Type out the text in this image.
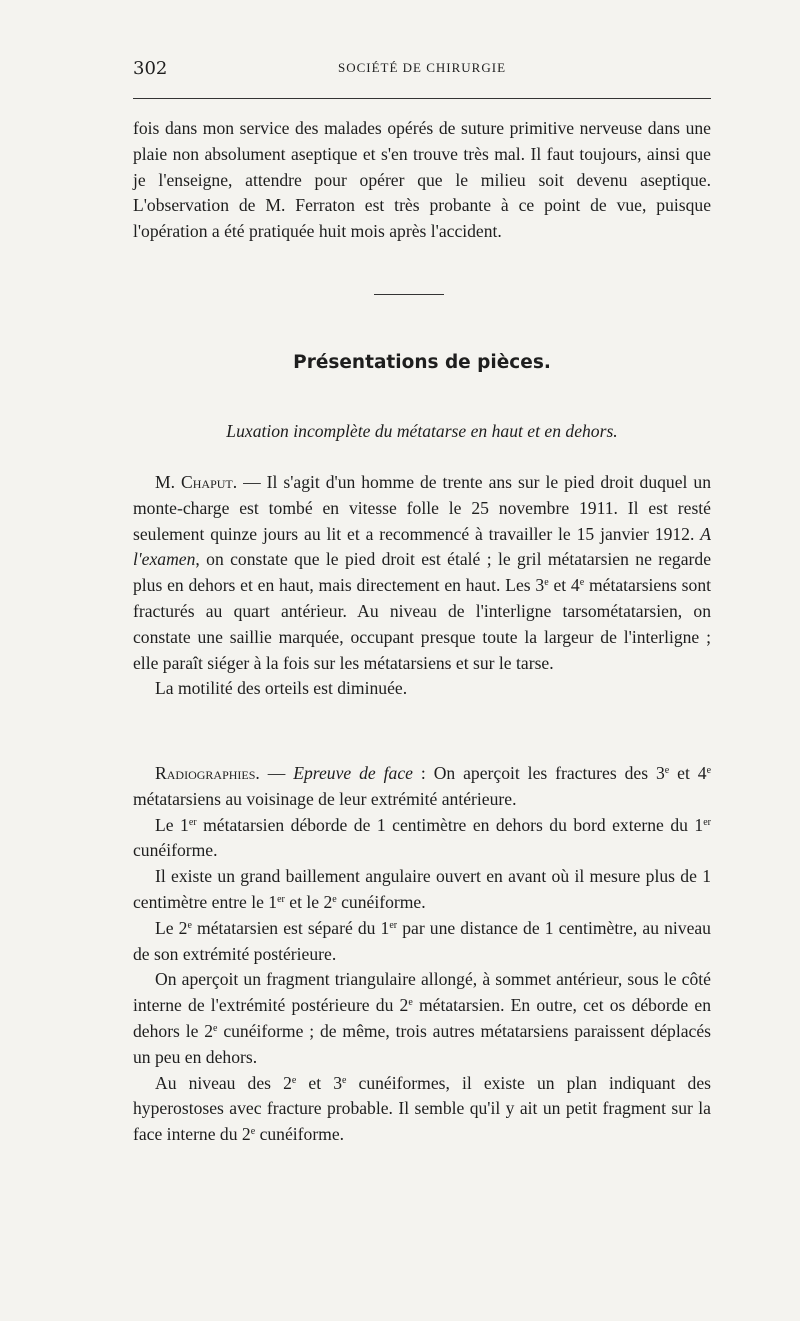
302	SOCIÉTÉ DE CHIRURGIE

fois dans mon service des malades opérés de suture primitive nerveuse dans une plaie non absolument aseptique et s'en trouve très mal. Il faut toujours, ainsi que je l'enseigne, attendre pour opérer que le milieu soit devenu aseptique. L'observation de M. Ferraton est très probante à ce point de vue, puisque l'opération a été pratiquée huit mois après l'accident.

Présentations de pièces.
Luxation incomplète du métatarse en haut et en dehors.

M. Chaput. — Il s'agit d'un homme de trente ans sur le pied droit duquel un monte-charge est tombé en vitesse folle le 25 novembre 1911. Il est resté seulement quinze jours au lit et a recommencé à travailler le 15 janvier 1912. A l'examen, on constate que le pied droit est étalé ; le gril métatarsien ne regarde plus en dehors et en haut, mais directement en haut. Les 3e et 4e métatarsiens sont fracturés au quart antérieur. Au niveau de l'interligne tarsométatarsien, on constate une saillie marquée, occupant presque toute la largeur de l'interligne ; elle paraît siéger à la fois sur les métatarsiens et sur le tarse.

La motilité des orteils est diminuée.

Radiographies. — Epreuve de face : On aperçoit les fractures des 3e et 4e métatarsiens au voisinage de leur extrémité antérieure.

Le 1er métatarsien déborde de 1 centimètre en dehors du bord externe du 1er cunéiforme.

Il existe un grand baillement angulaire ouvert en avant où il mesure plus de 1 centimètre entre le 1er et le 2e cunéiforme.

Le 2e métatarsien est séparé du 1er par une distance de 1 centimètre, au niveau de son extrémité postérieure.

On aperçoit un fragment triangulaire allongé, à sommet antérieur, sous le côté interne de l'extrémité postérieure du 2e métatarsien. En outre, cet os déborde en dehors le 2e cunéiforme ; de même, trois autres métatarsiens paraissent déplacés un peu en dehors.

Au niveau des 2e et 3e cunéiformes, il existe un plan indiquant des hyperostoses avec fracture probable. Il semble qu'il y ait un petit fragment sur la face interne du 2e cunéiforme.
